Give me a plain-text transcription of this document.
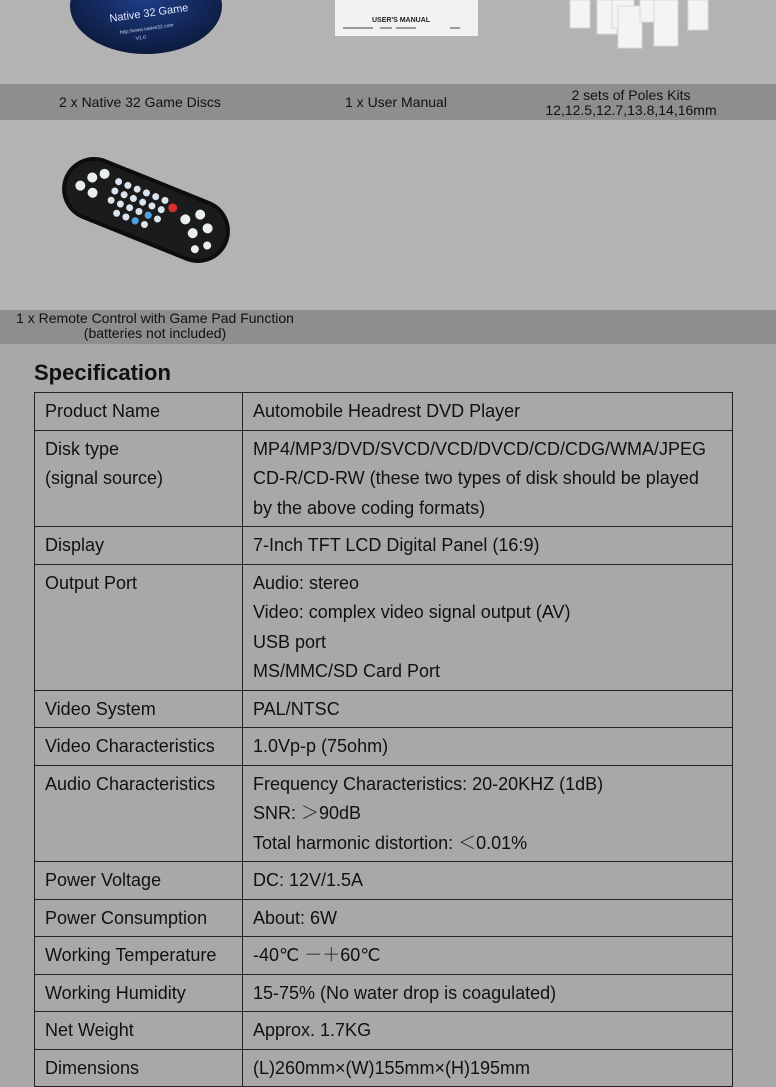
Native 32 Game
http://www.native32.com
V1.0
USER'S MANUAL
2 x Native 32 Game Discs	1 x User Manual	2 sets of Poles Kits
12,12.5,12.7,13.8,14,16mm
1 x Remote Control with Game Pad Function
(batteries not included)
Specification
Product Name	Automobile Headrest DVD Player

Disk type
(signal source)	MP4/MP3/DVD/SVCD/VCD/DVCD/CD/CDG/WMA/JPEG
CD-R/CD-RW (these two types of disk should be played
by the above coding formats)

Display	7-Inch TFT LCD Digital Panel (16:9)

Output Port	Audio: stereo
Video: complex video signal output (AV)
USB port
MS/MMC/SD Card Port

Video System	PAL/NTSC

Video Characteristics	1.0Vp-p (75ohm)

Audio Characteristics	Frequency Characteristics: 20-20KHZ (1dB)
SNR: ＞90dB
Total harmonic distortion: ＜0.01%

Power Voltage	DC: 12V/1.5A

Power Consumption	About: 6W

Working Temperature	-40℃ －＋60℃

Working Humidity	15-75% (No water drop is coagulated)

Net Weight	Approx. 1.7KG

Dimensions	(L)260mm×(W)155mm×(H)195mm
